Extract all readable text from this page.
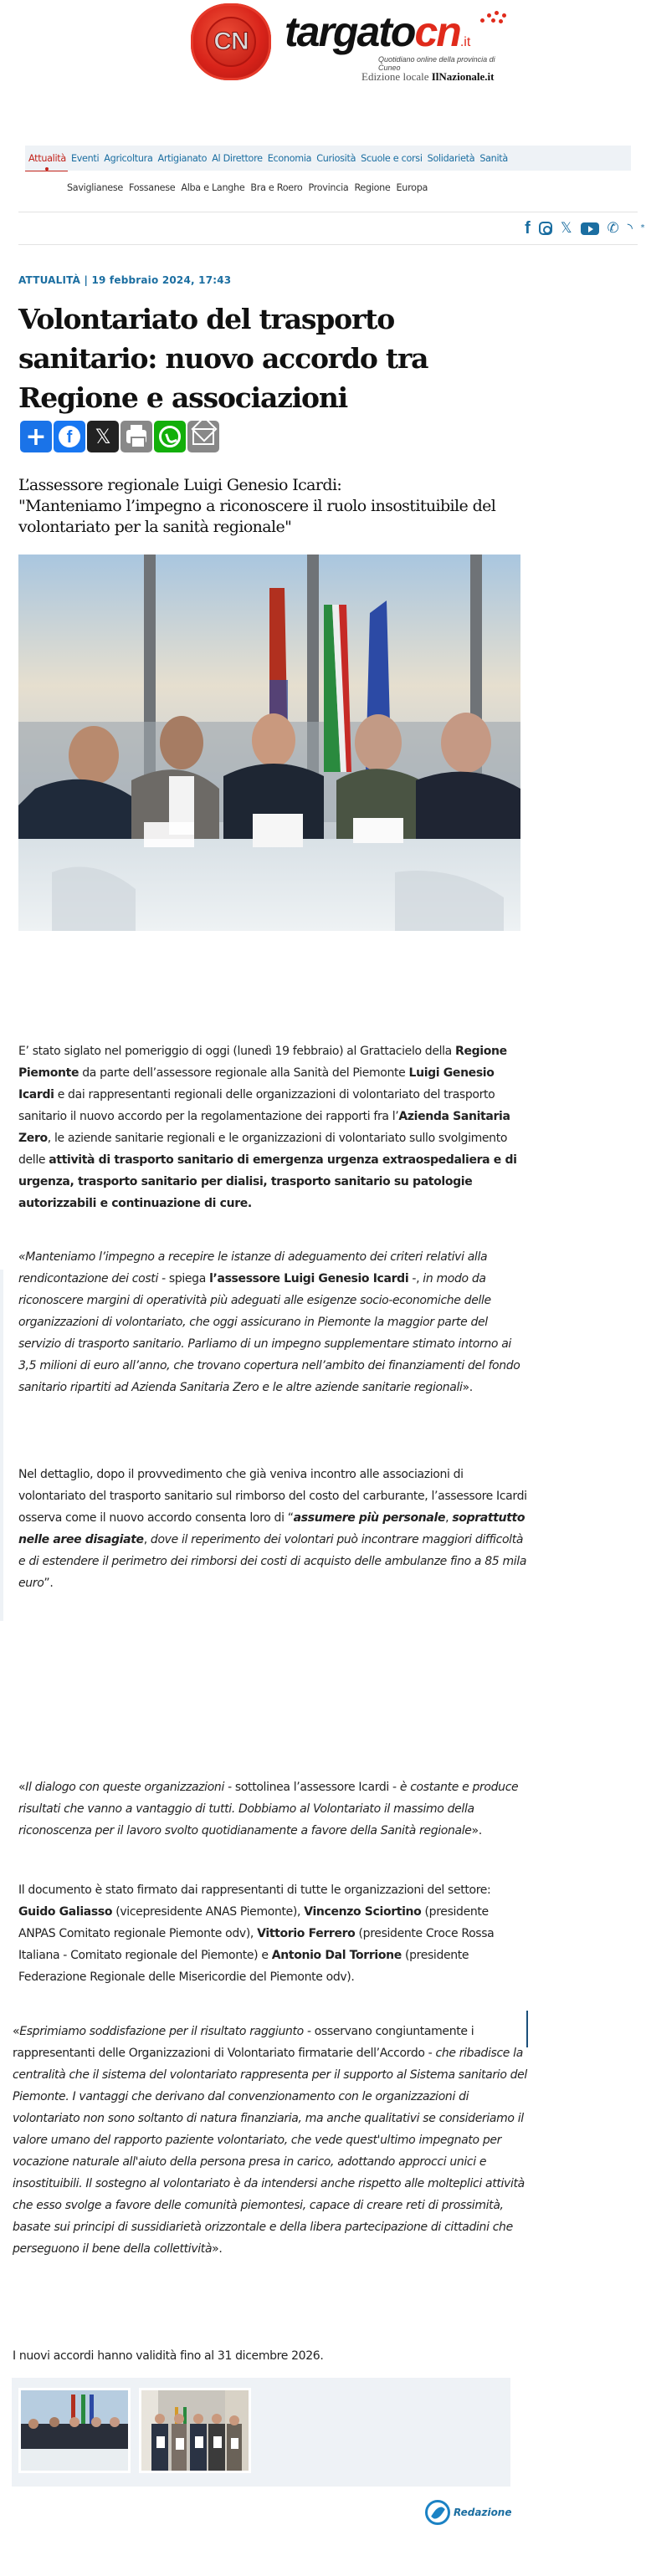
CN targatocn.it
Quotidiano online della provincia di Cuneo
Edizione locale IlNazionale.it
Attualità Eventi Agricoltura Artigianato Al Direttore Economia Curiosità Scuole e corsi Solidarietà Sanità
Saviglianese Fossanese Alba e Langhe Bra e Roero Provincia Regione Europa
f 𝕏 ✆ ◝ *
ATTUALITÀ | 19 febbraio 2024, 17:43
Volontariato del trasporto sanitario: nuovo accordo tra Regione e associazioni
+	f	𝕏
L’assessore regionale Luigi Genesio Icardi:
"Manteniamo l’impegno a riconoscere il ruolo insostituibile del volontariato per la sanità regionale"

E’ stato siglato nel pomeriggio di oggi (lunedì 19 febbraio) al Grattacielo della Regione Piemonte da parte dell’assessore regionale alla Sanità del Piemonte Luigi Genesio Icardi e dai rappresentanti regionali delle organizzazioni di volontariato del trasporto sanitario il nuovo accordo per la regolamentazione dei rapporti fra l’Azienda Sanitaria Zero, le aziende sanitarie regionali e le organizzazioni di volontariato sullo svolgimento delle attività di trasporto sanitario di emergenza urgenza extraospedaliera e di urgenza, trasporto sanitario per dialisi, trasporto sanitario su patologie autorizzabili e continuazione di cure.

«Manteniamo l’impegno a recepire le istanze di adeguamento dei criteri relativi alla rendicontazione dei costi - spiega l’assessore Luigi Genesio Icardi -, in modo da riconoscere margini di operatività più adeguati alle esigenze socio-economiche delle organizzazioni di volontariato, che oggi assicurano in Piemonte la maggior parte del servizio di trasporto sanitario. Parliamo di un impegno supplementare stimato intorno ai 3,5 milioni di euro all’anno, che trovano copertura nell’ambito dei finanziamenti del fondo sanitario ripartiti ad Azienda Sanitaria Zero e le altre aziende sanitarie regionali».

Nel dettaglio, dopo il provvedimento che già veniva incontro alle associazioni di volontariato del trasporto sanitario sul rimborso del costo del carburante, l’assessore Icardi osserva come il nuovo accordo consenta loro di “assumere più personale, soprattutto nelle aree disagiate, dove il reperimento dei volontari può incontrare maggiori difficoltà e di estendere il perimetro dei rimborsi dei costi di acquisto delle ambulanze fino a 85 mila euro”.

«Il dialogo con queste organizzazioni - sottolinea l’assessore Icardi - è costante e produce risultati che vanno a vantaggio di tutti. Dobbiamo al Volontariato il massimo della riconoscenza per il lavoro svolto quotidianamente a favore della Sanità regionale».

Il documento è stato firmato dai rappresentanti di tutte le organizzazioni del settore: Guido Galiasso (vicepresidente ANAS Piemonte), Vincenzo Sciortino (presidente ANPAS Comitato regionale Piemonte odv), Vittorio Ferrero (presidente Croce Rossa Italiana - Comitato regionale del Piemonte) e Antonio Dal Torrione (presidente Federazione Regionale delle Misericordie del Piemonte odv).

«Esprimiamo soddisfazione per il risultato raggiunto - osservano congiuntamente i rappresentanti delle Organizzazioni di Volontariato firmatarie dell’Accordo - che ribadisce la centralità che il sistema del volontariato rappresenta per il supporto al Sistema sanitario del Piemonte. I vantaggi che derivano dal convenzionamento con le organizzazioni di volontariato non sono soltanto di natura finanziaria, ma anche qualitativi se consideriamo il valore umano del rapporto paziente volontariato, che vede quest'ultimo impegnato per vocazione naturale all'aiuto della persona presa in carico, adottando approcci unici e insostituibili. Il sostegno al volontariato è da intendersi anche rispetto alle molteplici attività che esso svolge a favore delle comunità piemontesi, capace di creare reti di prossimità, basate sui principi di sussidiarietà orizzontale e della libera partecipazione di cittadini che perseguono il bene della collettività».

I nuovi accordi hanno validità fino al 31 dicembre 2026.

Redazione
